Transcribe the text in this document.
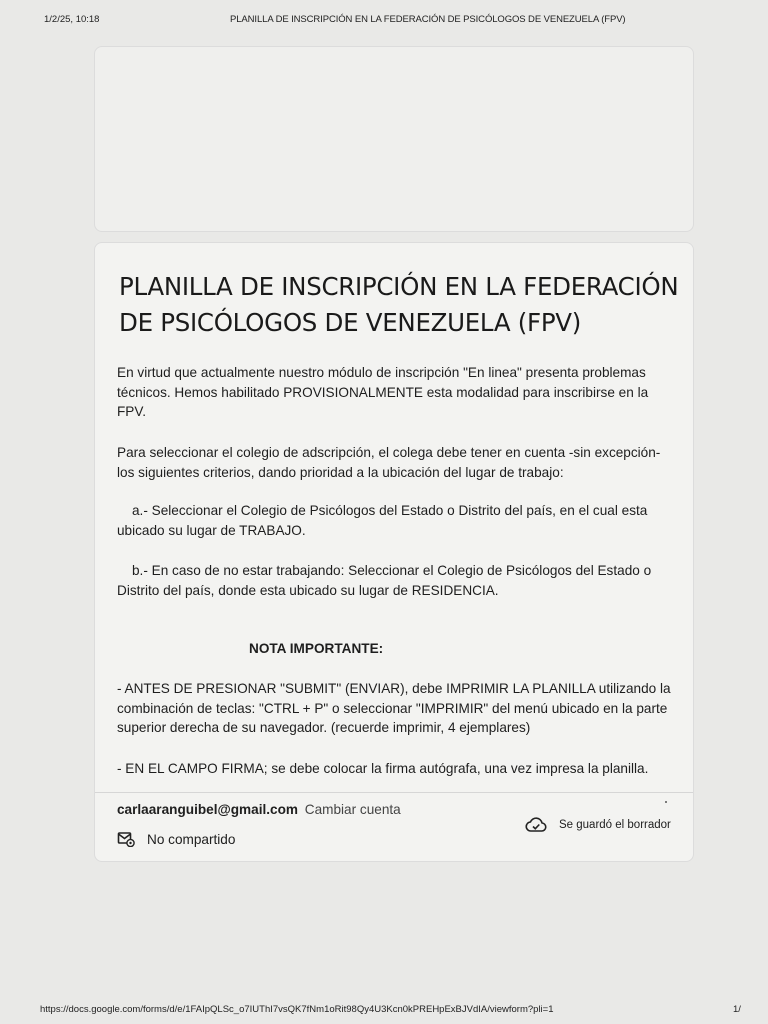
1/2/25, 10:18	PLANILLA DE INSCRIPCIÓN EN LA FEDERACIÓN DE PSICÓLOGOS DE VENEZUELA (FPV)
PLANILLA DE INSCRIPCIÓN EN LA FEDERACIÓN DE PSICÓLOGOS DE VENEZUELA (FPV)

En virtud que actualmente nuestro módulo de inscripción "En linea" presenta problemas técnicos. Hemos habilitado PROVISIONALMENTE esta modalidad para inscribirse en la FPV.

Para seleccionar el colegio de adscripción, el colega debe tener en cuenta -sin excepción- los siguientes criterios, dando prioridad a la ubicación del lugar de trabajo:

a.- Seleccionar el Colegio de Psicólogos del Estado o Distrito del país, en el cual esta ubicado su lugar de TRABAJO.

b.- En caso de no estar trabajando: Seleccionar el Colegio de Psicólogos del Estado o Distrito del país, donde esta ubicado su lugar de RESIDENCIA.

NOTA IMPORTANTE:

- ANTES DE PRESIONAR "SUBMIT" (ENVIAR), debe IMPRIMIR LA PLANILLA utilizando la combinación de teclas: "CTRL + P" o seleccionar "IMPRIMIR" del menú ubicado en la parte superior derecha de su navegador. (recuerde imprimir, 4 ejemplares)

- EN EL CAMPO FIRMA; se debe colocar la firma autógrafa, una vez impresa la planilla.

carlaaranguibel@gmail.com Cambiar cuenta
No compartido
Se guardó el borrador
https://docs.google.com/forms/d/e/1FAIpQLSc_o7IUThI7vsQK7fNm1oRit98Qy4U3Kcn0kPREHpExBJVdIA/viewform?pli=1	1/
